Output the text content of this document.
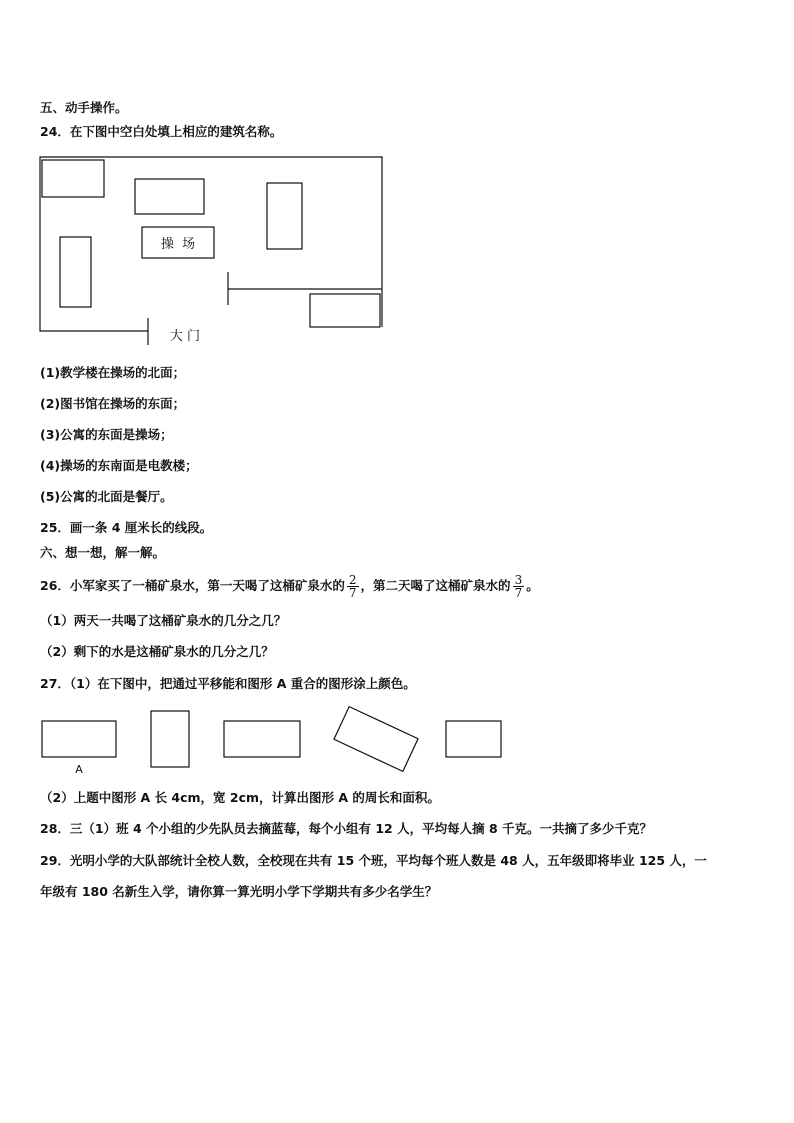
五、动手操作。
24．在下图中空白处填上相应的建筑名称。
操  场
大 门
(1)教学楼在操场的北面；
(2)图书馆在操场的东面；
(3)公寓的东面是操场；
(4)操场的东南面是电教楼；
(5)公寓的北面是餐厅。
25．画一条 4 厘米长的线段。
六、想一想，解一解。
26．小军家买了一桶矿泉水，第一天喝了这桶矿泉水的 $\frac{2}{7}$ ，第二天喝了这桶矿泉水的 $\frac{3}{7}$ 。
（1）两天一共喝了这桶矿泉水的几分之几？
（2）剩下的水是这桶矿泉水的几分之几？
27．（1）在下图中，把通过平移能和图形 A 重合的图形涂上颜色。
A
（2）上题中图形 A 长 4cm，宽 2cm，计算出图形 A 的周长和面积。
28．三（1）班 4 个小组的少先队员去摘蓝莓，每个小组有 12 人，平均每人摘 8 千克。一共摘了多少千克？
29．光明小学的大队部统计全校人数，全校现在共有 15 个班，平均每个班人数是 48 人，五年级即将毕业 125 人，一
年级有 180 名新生入学，请你算一算光明小学下学期共有多少名学生？
